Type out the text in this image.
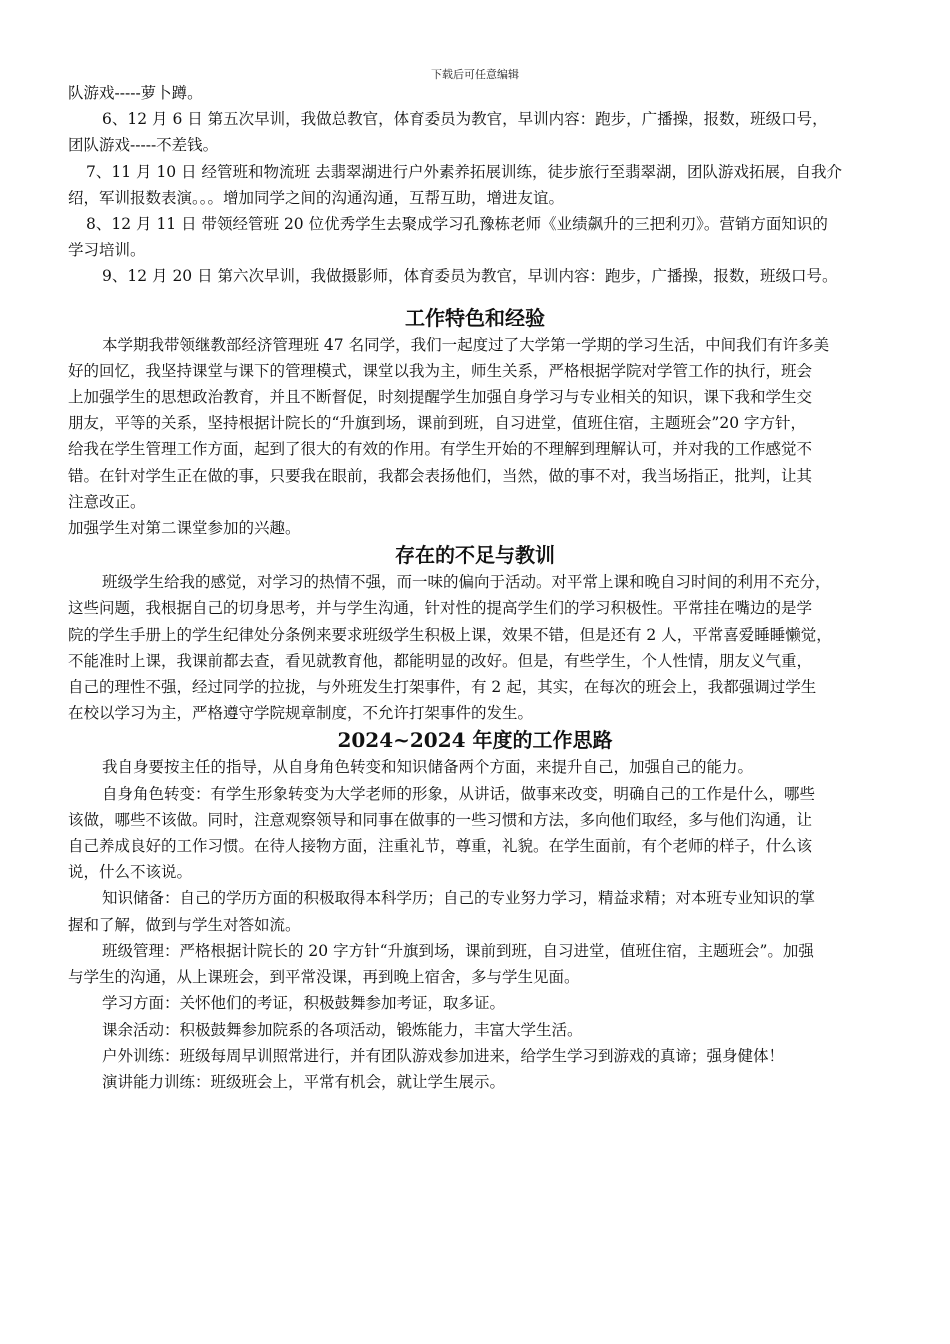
下载后可任意编辑

队游戏-----萝卜蹲。

6、12 月 6 日 第五次早训，我做总教官，体育委员为教官，早训内容：跑步，广播操，报数，班级口号，

团队游戏-----不差钱。

7、11 月 10 日 经管班和物流班 去翡翠湖进行户外素养拓展训练，徒步旅行至翡翠湖，团队游戏拓展，自我介

绍，军训报数表演。。。增加同学之间的沟通沟通，互帮互助，增进友谊。

8、12 月 11 日 带领经管班 20 位优秀学生去聚成学习孔豫栋老师《业绩飙升的三把利刃》。营销方面知识的

学习培训。

9、12 月 20 日 第六次早训，我做摄影师，体育委员为教官，早训内容：跑步，广播操，报数，班级口号。

工作特色和经验

本学期我带领继教部经济管理班 47 名同学，我们一起度过了大学第一学期的学习生活，中间我们有许多美

好的回忆，我坚持课堂与课下的管理模式，课堂以我为主，师生关系，严格根据学院对学管工作的执行，班会

上加强学生的思想政治教育，并且不断督促，时刻提醒学生加强自身学习与专业相关的知识，课下我和学生交

朋友，平等的关系，坚持根据计院长的“升旗到场，课前到班，自习进堂，值班住宿，主题班会”20 字方针，

给我在学生管理工作方面，起到了很大的有效的作用。有学生开始的不理解到理解认可，并对我的工作感觉不

错。在针对学生正在做的事，只要我在眼前，我都会表扬他们，当然，做的事不对，我当场指正，批判，让其

注意改正。

加强学生对第二课堂参加的兴趣。

存在的不足与教训

班级学生给我的感觉，对学习的热情不强，而一味的偏向于活动。对平常上课和晚自习时间的利用不充分，

这些问题，我根据自己的切身思考，并与学生沟通，针对性的提高学生们的学习积极性。平常挂在嘴边的是学

院的学生手册上的学生纪律处分条例来要求班级学生积极上课，效果不错，但是还有 2 人，平常喜爱睡睡懒觉，

不能准时上课，我课前都去查，看见就教育他，都能明显的改好。但是，有些学生，个人性情，朋友义气重，

自己的理性不强，经过同学的拉拢，与外班发生打架事件，有 2 起，其实，在每次的班会上，我都强调过学生

在校以学习为主，严格遵守学院规章制度，不允许打架事件的发生。

2024~2024 年度的工作思路

我自身要按主任的指导，从自身角色转变和知识储备两个方面，来提升自己，加强自己的能力。

自身角色转变：有学生形象转变为大学老师的形象，从讲话，做事来改变，明确自己的工作是什么，哪些

该做，哪些不该做。同时，注意观察领导和同事在做事的一些习惯和方法，多向他们取经，多与他们沟通，让

自己养成良好的工作习惯。在待人接物方面，注重礼节，尊重，礼貌。在学生面前，有个老师的样子，什么该

说，什么不该说。

知识储备：自己的学历方面的积极取得本科学历；自己的专业努力学习，精益求精；对本班专业知识的掌

握和了解，做到与学生对答如流。

班级管理：严格根据计院长的 20 字方针“升旗到场，课前到班，自习进堂，值班住宿，主题班会”。加强

与学生的沟通，从上课班会，到平常没课，再到晚上宿舍，多与学生见面。

学习方面：关怀他们的考证，积极鼓舞参加考证，取多证。

课余活动：积极鼓舞参加院系的各项活动，锻炼能力，丰富大学生活。

户外训练：班级每周早训照常进行，并有团队游戏参加进来，给学生学习到游戏的真谛；强身健体！

演讲能力训练：班级班会上，平常有机会，就让学生展示。
